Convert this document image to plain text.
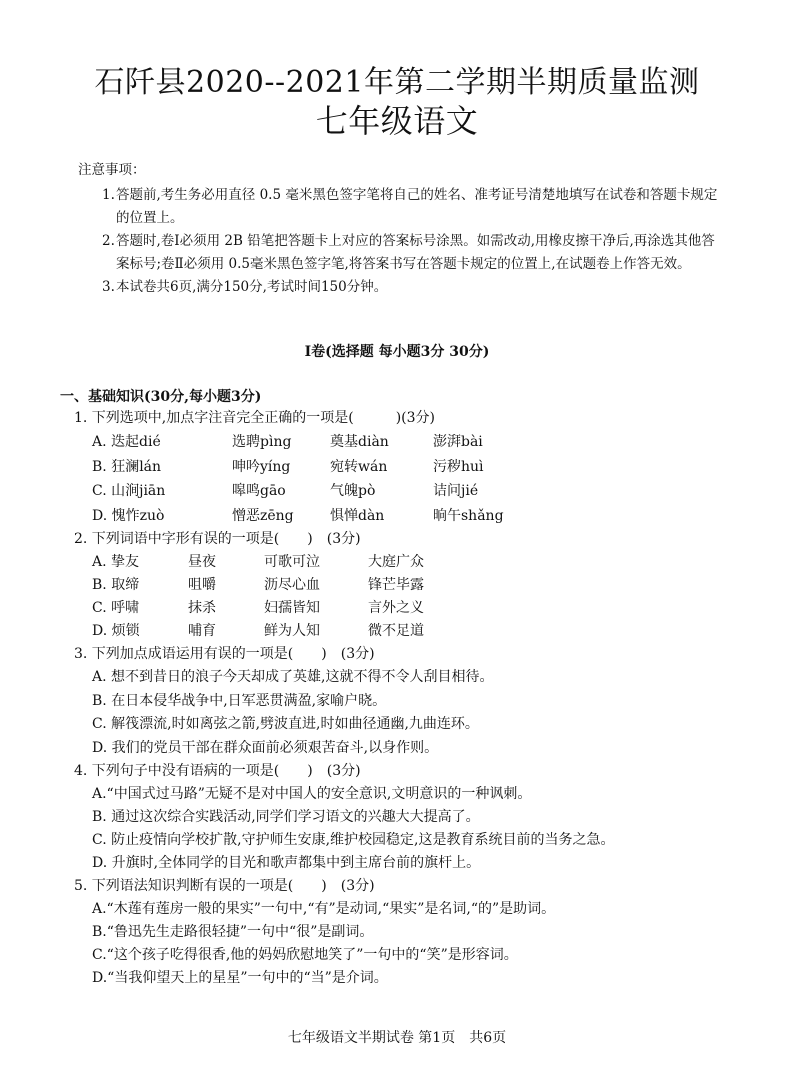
石阡县2020--2021年第二学期半期质量监测
七年级语文
注意事项：
1. 答题前,考生务必用直径 0.5 毫米黑色签字笔将自己的姓名、准考证号清楚地填写在试卷和答题卡规定的位置上。
2. 答题时,卷Ⅰ必须用 2B 铅笔把答题卡上对应的答案标号涂黑。如需改动,用橡皮擦干净后,再涂选其他答案标号;卷Ⅱ必须用 0.5毫米黑色签字笔,将答案书写在答题卡规定的位置上,在试题卷上作答无效。
3. 本试卷共6页,满分150分,考试时间150分钟。
Ⅰ卷(选择题 每小题3分 30分)
一、基础知识(30分,每小题3分)
1. 下列选项中,加点字注音完全正确的一项是(　　　)(3分)
A. 迭起dié	选聘pìng	奠基diàn	澎湃bài
B. 狂澜lán	呻吟yíng	宛转wán	污秽huì
C. 山涧jiān	嗥鸣gāo	气魄pò	诘问jié
D. 愧怍zuò	憎恶zēng	惧惮dàn	晌午shǎng
2. 下列词语中字形有误的一项是(　　)　(3分)
A. 挚友	昼夜	可歌可泣	大庭广众
B. 取缔	咀嚼	沥尽心血	锋芒毕露
C. 呼啸	抹杀	妇孺皆知	言外之义
D. 烦锁	哺育	鲜为人知	微不足道
3. 下列加点成语运用有误的一项是(　　)　(3分)
A. 想不到昔日的浪子今天却成了英雄,这就不得不令人刮目相待。
B. 在日本侵华战争中,日军恶贯满盈,家喻户晓。
C. 解筏漂流,时如离弦之箭,劈波直进,时如曲径通幽,九曲连环。
D. 我们的党员干部在群众面前必须艰苦奋斗,以身作则。
4. 下列句子中没有语病的一项是(　　)　(3分)
A.“中国式过马路”无疑不是对中国人的安全意识,文明意识的一种讽刺。
B. 通过这次综合实践活动,同学们学习语文的兴趣大大提高了。
C. 防止疫情向学校扩散,守护师生安康,维护校园稳定,这是教育系统目前的当务之急。
D. 升旗时,全体同学的目光和歌声都集中到主席台前的旗杆上。
5. 下列语法知识判断有误的一项是(　　)　(3分)
A.“木莲有莲房一般的果实”一句中,“有”是动词,“果实”是名词,“的”是助词。
B.“鲁迅先生走路很轻捷”一句中“很”是副词。
C.“这个孩子吃得很香,他的妈妈欣慰地笑了”一句中的“笑”是形容词。
D.“当我仰望天上的星星”一句中的“当”是介词。
七年级语文半期试卷 第1页　共6页
